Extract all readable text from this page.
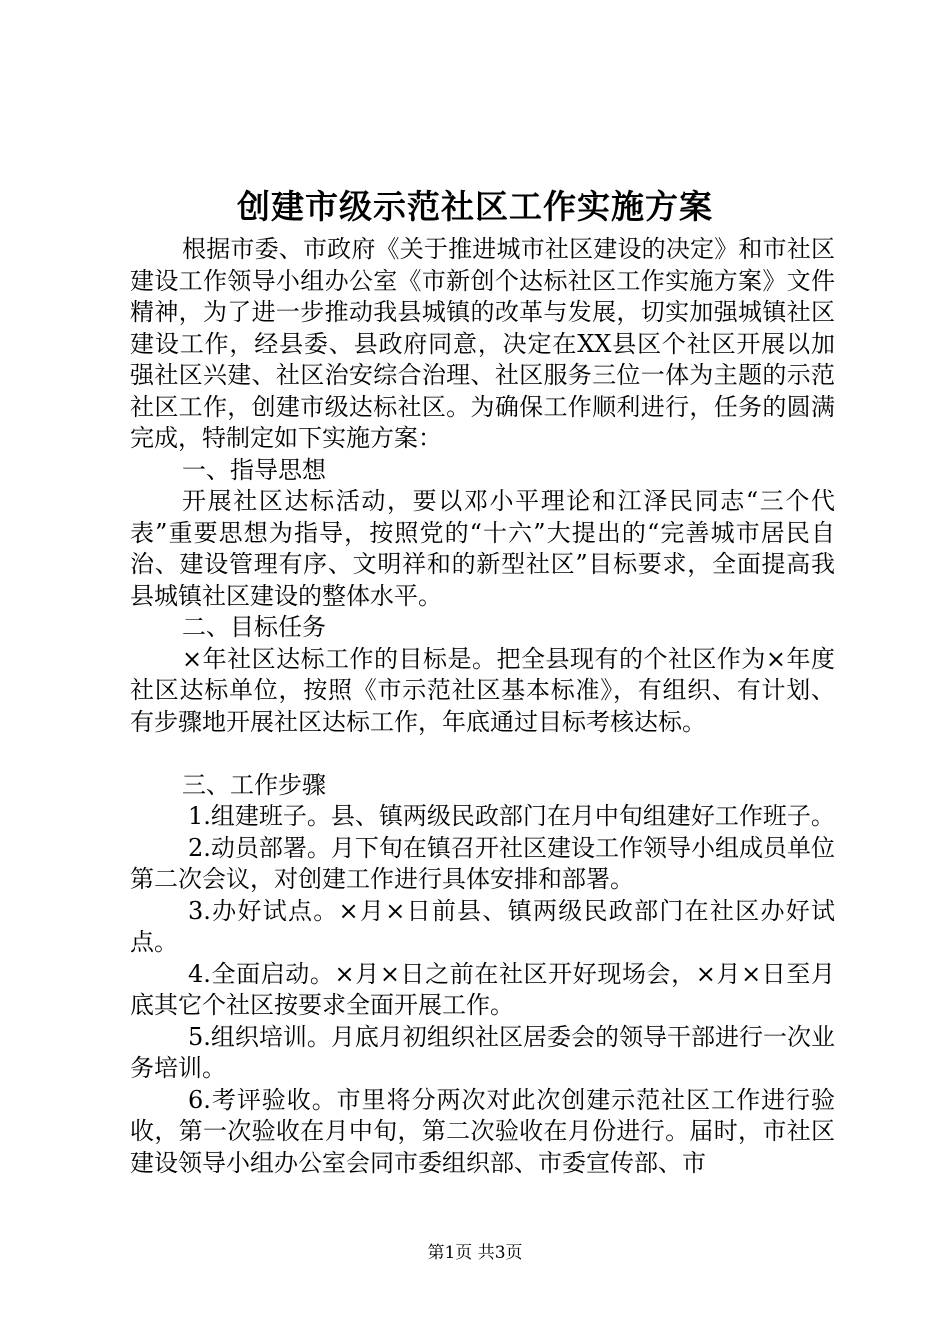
创建市级示范社区工作实施方案

根据市委、市政府《关于推进城市社区建设的决定》和市社区建设工作领导小组办公室《市新创个达标社区工作实施方案》文件精神，为了进一步推动我县城镇的改革与发展，切实加强城镇社区建设工作，经县委、县政府同意，决定在XX县区个社区开展以加强社区兴建、社区治安综合治理、社区服务三位一体为主题的示范社区工作，创建市级达标社区。为确保工作顺利进行，任务的圆满完成，特制定如下实施方案：

一、指导思想

开展社区达标活动，要以邓小平理论和江泽民同志“三个代表”重要思想为指导，按照党的“十六”大提出的“完善城市居民自治、建设管理有序、文明祥和的新型社区”目标要求，全面提高我县城镇社区建设的整体水平。

二、目标任务

×年社区达标工作的目标是。把全县现有的个社区作为×年度社区达标单位，按照《市示范社区基本标准》，有组织、有计划、有步骤地开展社区达标工作，年底通过目标考核达标。

三、工作步骤

1.组建班子。县、镇两级民政部门在月中旬组建好工作班子。

2.动员部署。月下旬在镇召开社区建设工作领导小组成员单位第二次会议，对创建工作进行具体安排和部署。

3.办好试点。×月×日前县、镇两级民政部门在社区办好试点。

4.全面启动。×月×日之前在社区开好现场会，×月×日至月底其它个社区按要求全面开展工作。

5.组织培训。月底月初组织社区居委会的领导干部进行一次业务培训。

6.考评验收。市里将分两次对此次创建示范社区工作进行验收，第一次验收在月中旬，第二次验收在月份进行。届时，市社区建设领导小组办公室会同市委组织部、市委宣传部、市

第1页 共3页
